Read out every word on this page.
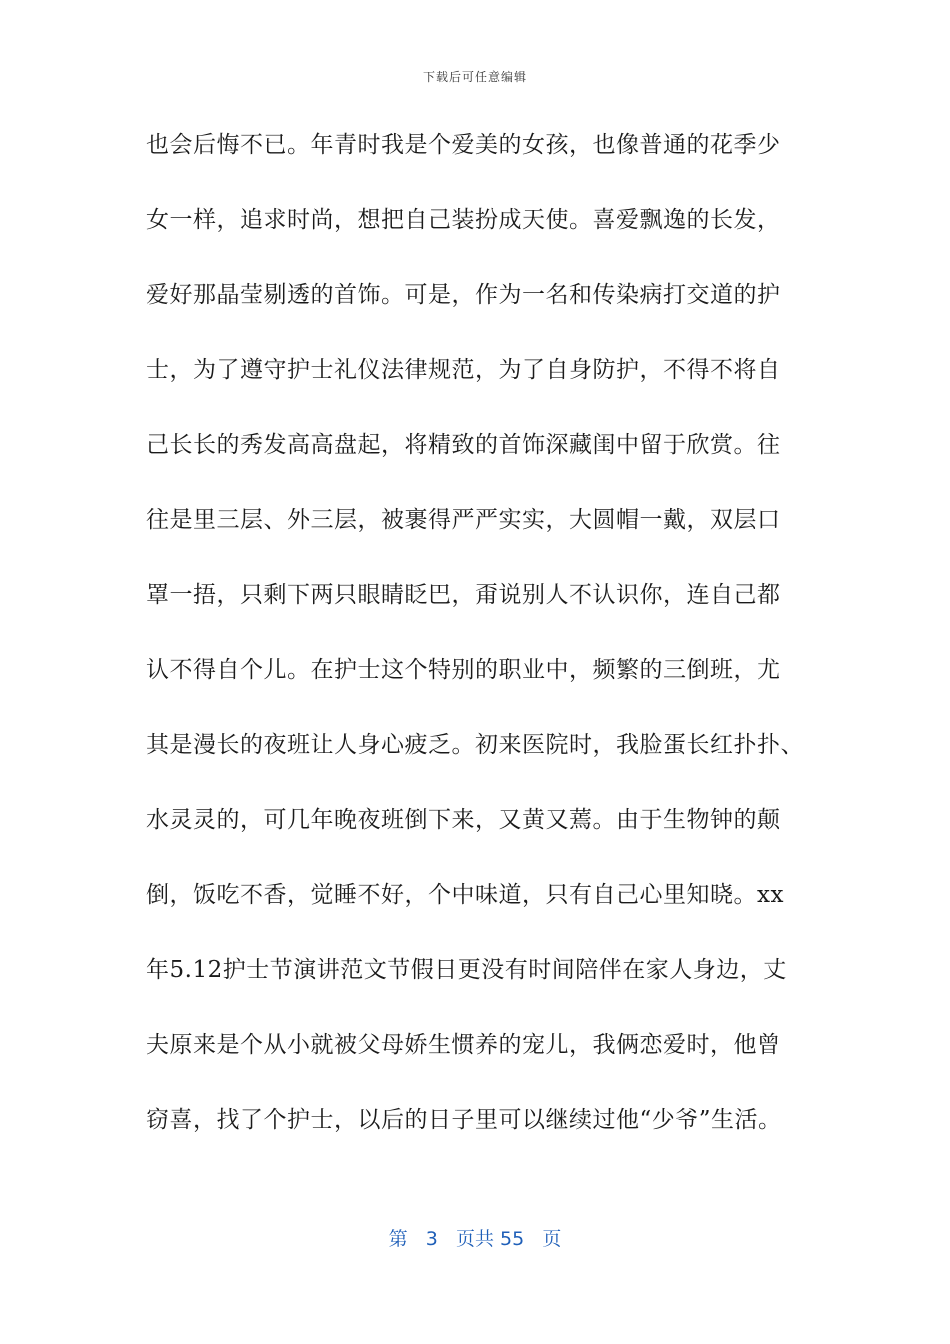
下载后可任意编辑
也会后悔不已。年青时我是个爱美的女孩，也像普通的花季少
女一样，追求时尚，想把自己装扮成天使。喜爱飘逸的长发，
爱好那晶莹剔透的首饰。可是，作为一名和传染病打交道的护
士，为了遵守护士礼仪法律规范，为了自身防护，不得不将自
己长长的秀发高高盘起，将精致的首饰深藏闺中留于欣赏。往
往是里三层、外三层，被裹得严严实实，大圆帽一戴，双层口
罩一捂，只剩下两只眼睛眨巴，甭说别人不认识你，连自己都
认不得自个儿。在护士这个特别的职业中，频繁的三倒班，尤
其是漫长的夜班让人身心疲乏。初来医院时，我脸蛋长红扑扑、
水灵灵的，可几年晚夜班倒下来，又黄又蔫。由于生物钟的颠
倒，饭吃不香，觉睡不好，个中味道，只有自己心里知晓。xx
年5.12护士节演讲范文节假日更没有时间陪伴在家人身边，丈
夫原来是个从小就被父母娇生惯养的宠儿，我俩恋爱时，他曾
窃喜，找了个护士，以后的日子里可以继续过他“少爷”生活。
第 3 页共 55 页
